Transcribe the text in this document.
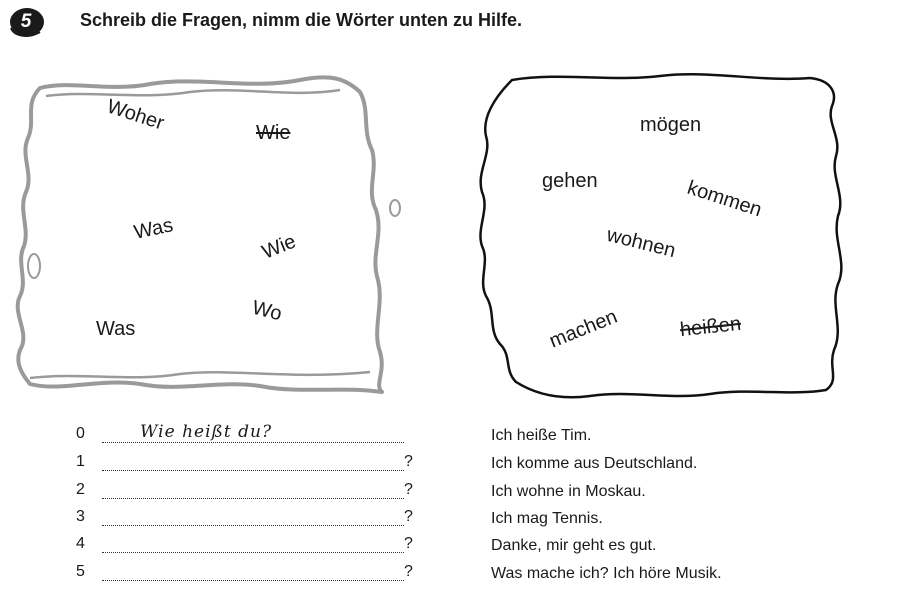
5	Schreib die Fragen, nimm die Wörter unten zu Hilfe.

Woher	Wie
Was
Wie
Was
Wo
mögen
gehen	kommen
wohnen
machen	heißen
0	Wie heißt du?
1	?
2	?
3	?
4	?
5	?
Ich heiße Tim.
Ich komme aus Deutschland.
Ich wohne in Moskau.
Ich mag Tennis.
Danke, mir geht es gut.
Was mache ich? Ich höre Musik.
